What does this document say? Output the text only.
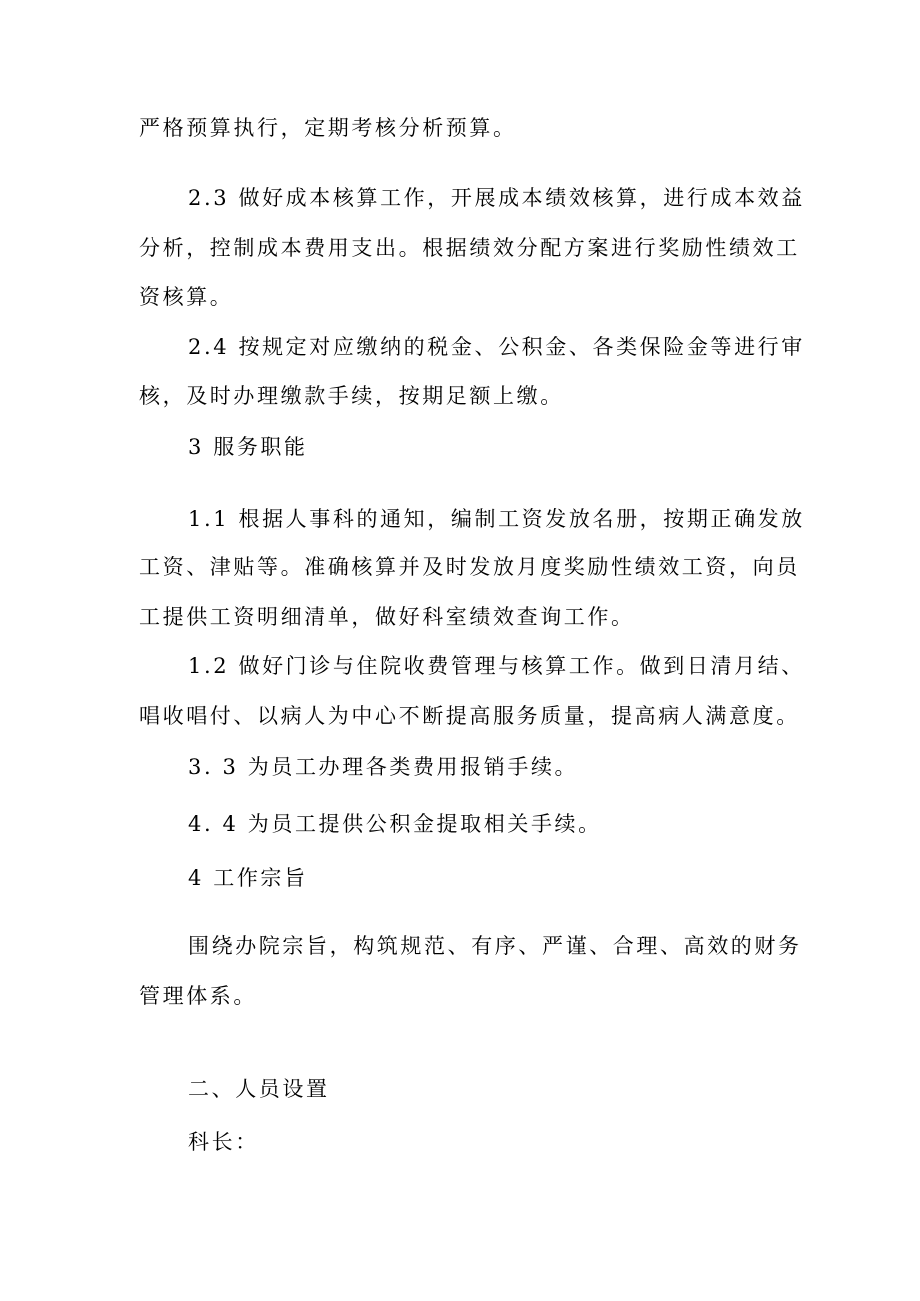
严格预算执行，定期考核分析预算。
2.3 做好成本核算工作，开展成本绩效核算，进行成本效益
分析，控制成本费用支出。根据绩效分配方案进行奖励性绩效工
资核算。
2.4 按规定对应缴纳的税金、公积金、各类保险金等进行审
核，及时办理缴款手续，按期足额上缴。
3 服务职能
1.1 根据人事科的通知，编制工资发放名册，按期正确发放
工资、津贴等。准确核算并及时发放月度奖励性绩效工资，向员
工提供工资明细清单，做好科室绩效查询工作。
1.2 做好门诊与住院收费管理与核算工作。做到日清月结、
唱收唱付、以病人为中心不断提高服务质量，提高病人满意度。
3. 3 为员工办理各类费用报销手续。
4. 4 为员工提供公积金提取相关手续。
4 工作宗旨
围绕办院宗旨，构筑规范、有序、严谨、合理、高效的财务
管理体系。
二、人员设置
科长：
